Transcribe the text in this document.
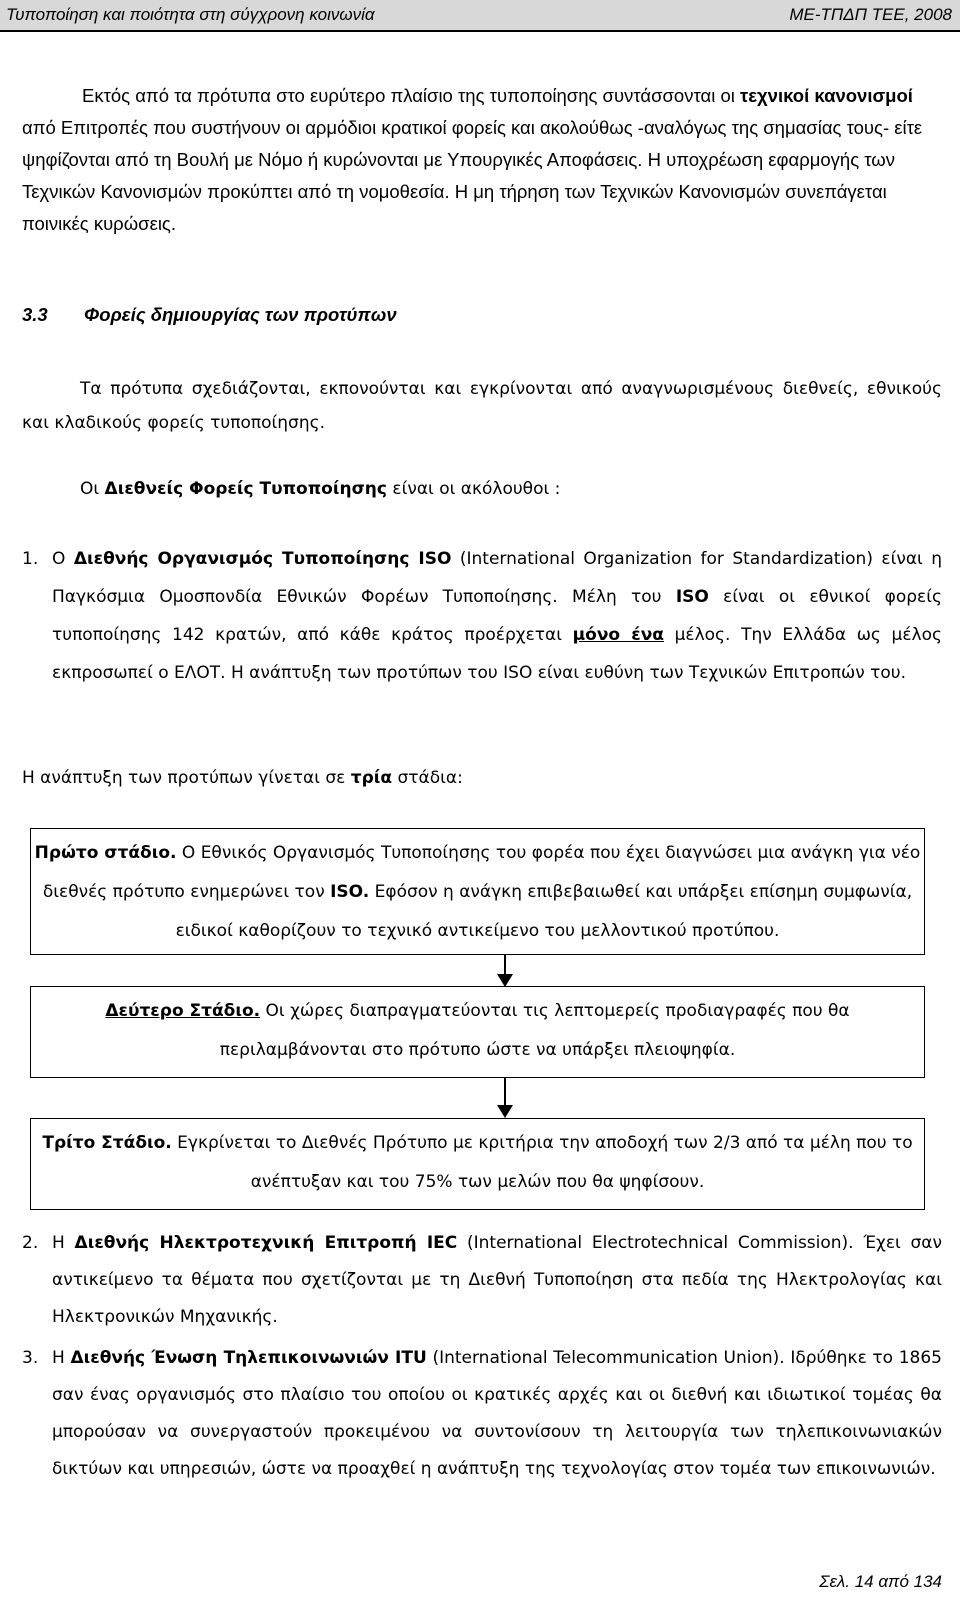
Τυποποίηση και ποιότητα στη σύγχρονη κοινωνία	ΜΕ-ΤΠΔΠ ΤΕΕ, 2008
Εκτός από τα πρότυπα στο ευρύτερο πλαίσιο της τυποποίησης συντάσσονται οι τεχνικοί κανονισμοί από Επιτροπές που συστήνουν οι αρμόδιοι κρατικοί φορείς και ακολούθως -αναλόγως της σημασίας τους- είτε ψηφίζονται από τη Βουλή με Νόμο ή κυρώνονται με Υπουργικές Αποφάσεις. Η υποχρέωση εφαρμογής των Τεχνικών Κανονισμών προκύπτει από τη νομοθεσία. Η μη τήρηση των Τεχνικών Κανονισμών συνεπάγεται ποινικές κυρώσεις.
3.3 Φορείς δημιουργίας των προτύπων
Τα πρότυπα σχεδιάζονται, εκπονούνται και εγκρίνονται από αναγνωρισμένους διεθνείς, εθνικούς και κλαδικούς φορείς τυποποίησης.
Οι Διεθνείς Φορείς Τυποποίησης είναι οι ακόλουθοι :
1. Ο Διεθνής Οργανισμός Τυποποίησης ISO (International Organization for Standardization) είναι η Παγκόσμια Ομοσπονδία Εθνικών Φορέων Τυποποίησης. Μέλη του ISO είναι οι εθνικοί φορείς τυποποίησης 142 κρατών, από κάθε κράτος προέρχεται μόνο ένα μέλος. Την Ελλάδα ως μέλος εκπροσωπεί ο ΕΛΟΤ. Η ανάπτυξη των προτύπων του ISO είναι ευθύνη των Τεχνικών Επιτροπών του.
Η ανάπτυξη των προτύπων γίνεται σε τρία στάδια:
Πρώτο στάδιο. Ο Εθνικός Οργανισμός Τυποποίησης του φορέα που έχει διαγνώσει μια ανάγκη για νέο διεθνές πρότυπο ενημερώνει τον ISO. Εφόσον η ανάγκη επιβεβαιωθεί και υπάρξει επίσημη συμφωνία, ειδικοί καθορίζουν το τεχνικό αντικείμενο του μελλοντικού προτύπου.
Δεύτερο Στάδιο. Οι χώρες διαπραγματεύονται τις λεπτομερείς προδιαγραφές που θα περιλαμβάνονται στο πρότυπο ώστε να υπάρξει πλειοψηφία.
Τρίτο Στάδιο. Εγκρίνεται το Διεθνές Πρότυπο με κριτήρια την αποδοχή των 2/3 από τα μέλη που το ανέπτυξαν και του 75% των μελών που θα ψηφίσουν.
2. Η Διεθνής Ηλεκτροτεχνική Επιτροπή IEC (International Electrotechnical Commission). Έχει σαν αντικείμενο τα θέματα που σχετίζονται με τη Διεθνή Τυποποίηση στα πεδία της Ηλεκτρολογίας και Ηλεκτρονικών Μηχανικής.
3. Η Διεθνής Ένωση Τηλεπικοινωνιών ITU (International Telecommunication Union). Ιδρύθηκε το 1865 σαν ένας οργανισμός στο πλαίσιο του οποίου οι κρατικές αρχές και οι διεθνή και ιδιωτικοί τομέας θα μπορούσαν να συνεργαστούν προκειμένου να συντονίσουν τη λειτουργία των τηλεπικοινωνιακών δικτύων και υπηρεσιών, ώστε να προαχθεί η ανάπτυξη της τεχνολογίας στον τομέα των επικοινωνιών.
Σελ. 14 από 134
